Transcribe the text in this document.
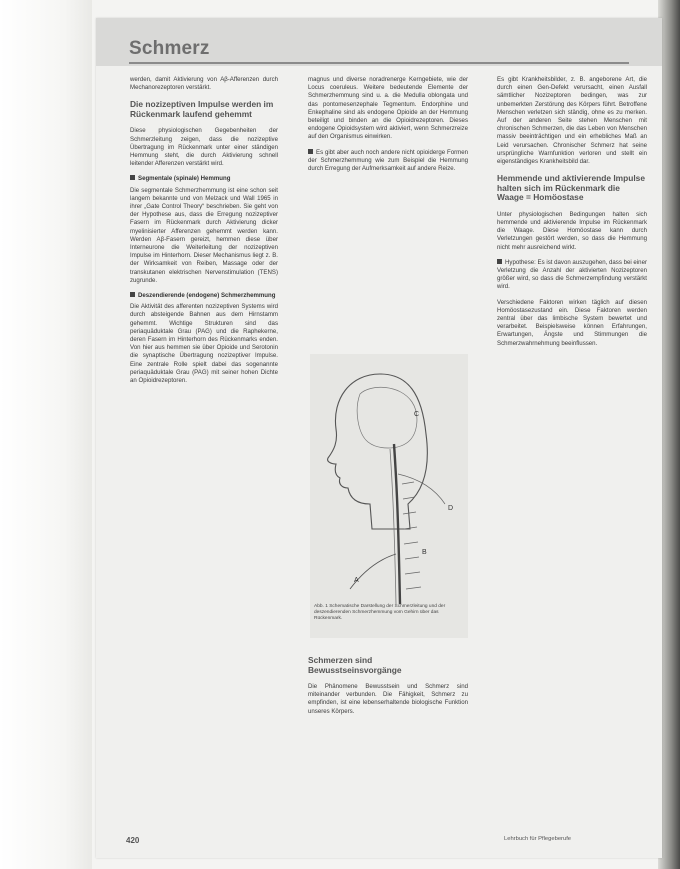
Schmerz

werden, damit Aktivierung von Aβ-Afferenzen durch Mechanorezeptoren verstärkt.

Die nozizeptiven Impulse werden im Rückenmark laufend gehemmt

Diese physiologischen Gegebenheiten der Schmerzleitung zeigen, dass die nozizeptive Übertragung im Rückenmark unter einer ständigen Hemmung steht, die durch Aktivierung schnell leitender Afferenzen verstärkt wird.

Segmentale (spinale) Hemmung

Die segmentale Schmerzhemmung ist eine schon seit langem bekannte und von Melzack und Wall 1965 in ihrer „Gate Control Theory“ beschrieben. Sie geht von der Hypothese aus, dass die Erregung nozizeptiver Fasern im Rückenmark durch Aktivierung dicker myelinisierter Afferenzen gehemmt werden kann. Werden Aβ-Fasern gereizt, hemmen diese über Interneurone die Weiterleitung der nozizeptiven Impulse im Hinterhorn. Dieser Mechanismus liegt z. B. der Wirksamkeit von Reiben, Massage oder der transkutanen elektrischen Nervenstimulation (TENS) zugrunde.

Deszendierende (endogene) Schmerzhemmung

Die Aktivität des afferenten nozizeptiven Systems wird durch absteigende Bahnen aus dem Hirnstamm gehemmt. Wichtige Strukturen sind das periaquäduktale Grau (PAG) und die Raphekerne, deren Fasern im Hinterhorn des Rückenmarks enden. Von hier aus hemmen sie über Opioide und Serotonin die synaptische Übertragung nozizeptiver Impulse. Eine zentrale Rolle spielt dabei das sogenannte periaquäduktale Grau (PAG) mit seiner hohen Dichte an Opioidrezeptoren.

magnus und diverse noradrenerge Kerngebiete, wie der Locus coeruleus. Weitere bedeutende Elemente der Schmerzhemmung sind u. a. die Medulla oblongata und das pontomesenzephale Tegmentum. Endorphine und Enkephaline sind als endogene Opioide an der Hemmung beteiligt und binden an die Opioidrezeptoren. Dieses endogene Opioidsystem wird aktiviert, wenn Schmerzreize auf den Organismus einwirken.

Es gibt aber auch noch andere nicht opioiderge Formen der Schmerzhemmung wie zum Beispiel die Hemmung durch Erregung der Aufmerksamkeit auf andere Reize.

D
B
A
C
Abb. 1 Schematische Darstellung der Schmerzleitung und der deszendierenden Schmerzhemmung vom Gehirn über das Rückenmark.
Schmerzen sind Bewusstseinsvorgänge

Die Phänomene Bewusstsein und Schmerz sind miteinander verbunden. Die Fähigkeit, Schmerz zu empfinden, ist eine lebenserhaltende biologische Funktion unseres Körpers.

Es gibt Krankheitsbilder, z. B. angeborene Art, die durch einen Gen-Defekt verursacht, einen Ausfall sämtlicher Nozizeptoren bedingen, was zur unbemerkten Zerstörung des Körpers führt. Betroffene Menschen verletzen sich ständig, ohne es zu merken. Auf der anderen Seite stehen Menschen mit chronischen Schmerzen, die das Leben von Menschen massiv beeinträchtigen und ein erhebliches Maß an Leid verursachen. Chronischer Schmerz hat seine ursprüngliche Warnfunktion verloren und stellt ein eigenständiges Krankheitsbild dar.

Hemmende und aktivierende Impulse halten sich im Rückenmark die Waage = Homöostase

Unter physiologischen Bedingungen halten sich hemmende und aktivierende Impulse im Rückenmark die Waage. Diese Homöostase kann durch Verletzungen gestört werden, so dass die Hemmung nicht mehr ausreichend wirkt.

Hypothese: Es ist davon auszugehen, dass bei einer Verletzung die Anzahl der aktivierten Nozizeptoren größer wird, so dass die Schmerzempfindung verstärkt wird.

Verschiedene Faktoren wirken täglich auf diesen Homöostasezustand ein. Diese Faktoren werden zentral über das limbische System bewertet und verarbeitet. Beispielsweise können Erfahrungen, Erwartungen, Ängste und Stimmungen die Schmerzwahrnehmung beeinflussen.

420	Lehrbuch für Pflegeberufe
